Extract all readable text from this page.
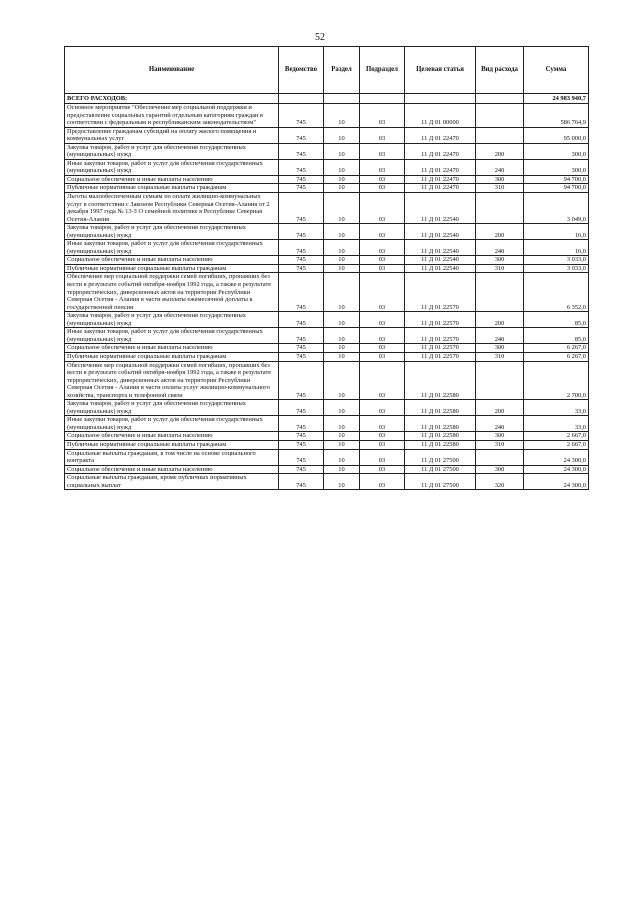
52
Наименование	Ведомство	Раздел	Подраздел	Целевая статья	Вид расхода	Сумма
ВСЕГО РАСХОДОВ:						24 983 940,7
Основное мероприятие "Обеспечение мер социальной поддержки и предоставление социальных гарантий отдельным категориям граждан в соответствии с федеральным и республиканским законодательством"	745	10	03	11 Д 01 00000		586 764,9
Предоставление гражданам субсидий на оплату жилого помещения и коммунальных услуг	745	10	03	11 Д 01 22470		95 000,0
Закупка товаров, работ и услуг для обеспечения государственных (муниципальных) нужд	745	10	03	11 Д 01 22470	200	300,0
Иные закупки товаров, работ и услуг для обеспечения государственных (муниципальных) нужд	745	10	03	11 Д 01 22470	240	300,0
Социальное обеспечение и иные выплаты населению	745	10	03	11 Д 01 22470	300	94 700,0
Публичные нормативные социальные выплаты гражданам	745	10	03	11 Д 01 22470	310	94 700,0
Льготы малообеспеченным семьям по оплате жилищно-коммунальных услуг в соответствии с Законом Республики Северная Осетия-Алания от 2 декабря 1997 года № 13-З О семейной политике в Республике Северная Осетия-Алания	745	10	03	11 Д 01 22540		3 049,0
Закупка товаров, работ и услуг для обеспечения государственных (муниципальных) нужд	745	10	03	11 Д 01 22540	200	16,0
Иные закупки товаров, работ и услуг для обеспечения государственных (муниципальных) нужд	745	10	03	11 Д 01 22540	240	16,0
Социальное обеспечение и иные выплаты населению	745	10	03	11 Д 01 22540	300	3 033,0
Публичные нормативные социальные выплаты гражданам	745	10	03	11 Д 01 22540	310	3 033,0
Обеспечение мер социальной поддержки семей погибших, пропавших без вести в результате событий октября-ноября 1992 года, а также в результате террористических, диверсионных актов на территории Республики Северная Осетия - Алания в части выплаты ежемесячной доплаты к государственной пенсии	745	10	03	11 Д 01 22570		6 352,0
Закупка товаров, работ и услуг для обеспечения государственных (муниципальных) нужд	745	10	03	11 Д 01 22570	200	85,0
Иные закупки товаров, работ и услуг для обеспечения государственных (муниципальных) нужд	745	10	03	11 Д 01 22570	240	85,0
Социальное обеспечение и иные выплаты населению	745	10	03	11 Д 01 22570	300	6 267,0
Публичные нормативные социальные выплаты гражданам	745	10	03	11 Д 01 22570	310	6 267,0
Обеспечение мер социальной поддержки семей погибших, пропавших без вести в результате событий октября-ноября 1992 года, а также в результате террористических, диверсионных актов на территории Республики Северная Осетия - Алания в части оплаты услуг жилищно-коммунального хозяйства, транспорта и телефонной связи	745	10	03	11 Д 01 22580		2 700,0
Закупка товаров, работ и услуг для обеспечения государственных (муниципальных) нужд	745	10	03	11 Д 01 22580	200	33,0
Иные закупки товаров, работ и услуг для обеспечения государственных (муниципальных) нужд	745	10	03	11 Д 01 22580	240	33,0
Социальное обеспечение и иные выплаты населению	745	10	03	11 Д 01 22580	300	2 667,0
Публичные нормативные социальные выплаты гражданам	745	10	03	11 Д 01 22580	310	2 667,0
Социальные выплаты гражданам, в том числе на основе социального контракта	745	10	03	11 Д 01 27500		24 300,0
Социальное обеспечение и иные выплаты населению	745	10	03	11 Д 01 27500	300	24 300,0
Социальные выплаты гражданам, кроме публичных нормативных социальных выплат	745	10	03	11 Д 01 27500	320	24 300,0
